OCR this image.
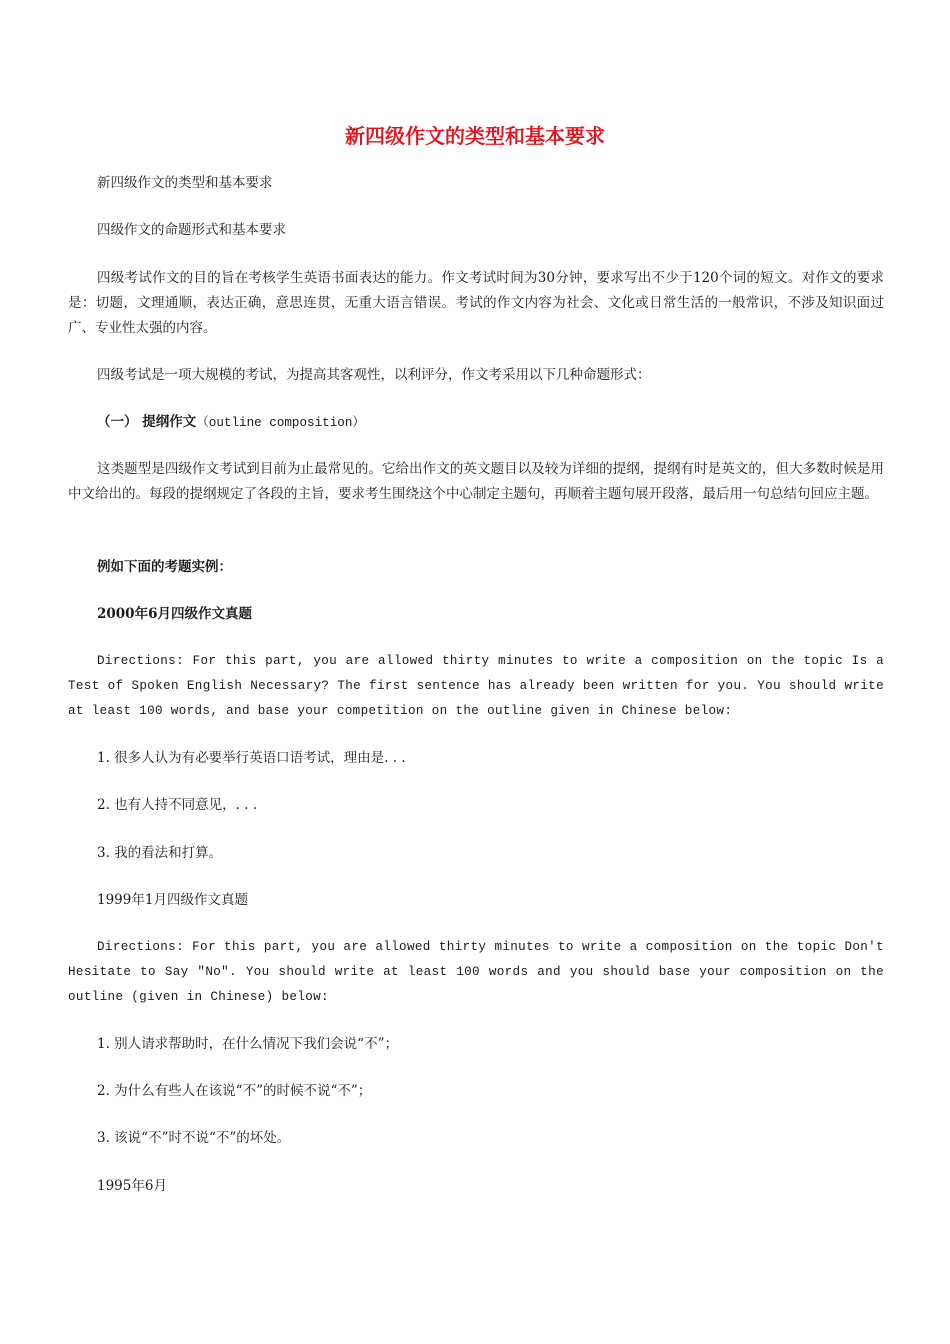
新四级作文的类型和基本要求

新四级作文的类型和基本要求

四级作文的命题形式和基本要求

四级考试作文的目的旨在考核学生英语书面表达的能力。作文考试时间为30分钟，要求写出不少于120个词的短文。对作文的要求是：切题，文理通顺，表达正确，意思连贯，无重大语言错误。考试的作文内容为社会、文化或日常生活的一般常识，不涉及知识面过广、专业性太强的内容。

四级考试是一项大规模的考试，为提高其客观性，以利评分，作文考采用以下几种命题形式：

（一） 提纲作文（outline composition）

这类题型是四级作文考试到目前为止最常见的。它给出作文的英文题目以及较为详细的提纲，提纲有时是英文的，但大多数时候是用中文给出的。每段的提纲规定了各段的主旨，要求考生围绕这个中心制定主题句，再顺着主题句展开段落，最后用一句总结句回应主题。

例如下面的考题实例：

2000年6月四级作文真题

Directions: For this part, you are allowed thirty minutes to write a composition on the topic Is a Test of Spoken English Necessary? The first sentence has already been written for you. You should write at least 100 words, and base your competition on the outline given in Chinese below:

1. 很多人认为有必要举行英语口语考试，理由是. . .

2. 也有人持不同意见，. . .

3. 我的看法和打算。

1999年1月四级作文真题

Directions: For this part, you are allowed thirty minutes to write a composition on the topic Don't Hesitate to Say "No". You should write at least 100 words and you should base your composition on the outline (given in Chinese) below:

1. 别人请求帮助时，在什么情况下我们会说“不”；

2. 为什么有些人在该说“不”的时候不说“不”；

3. 该说“不”时不说“不”的坏处。

1995年6月
